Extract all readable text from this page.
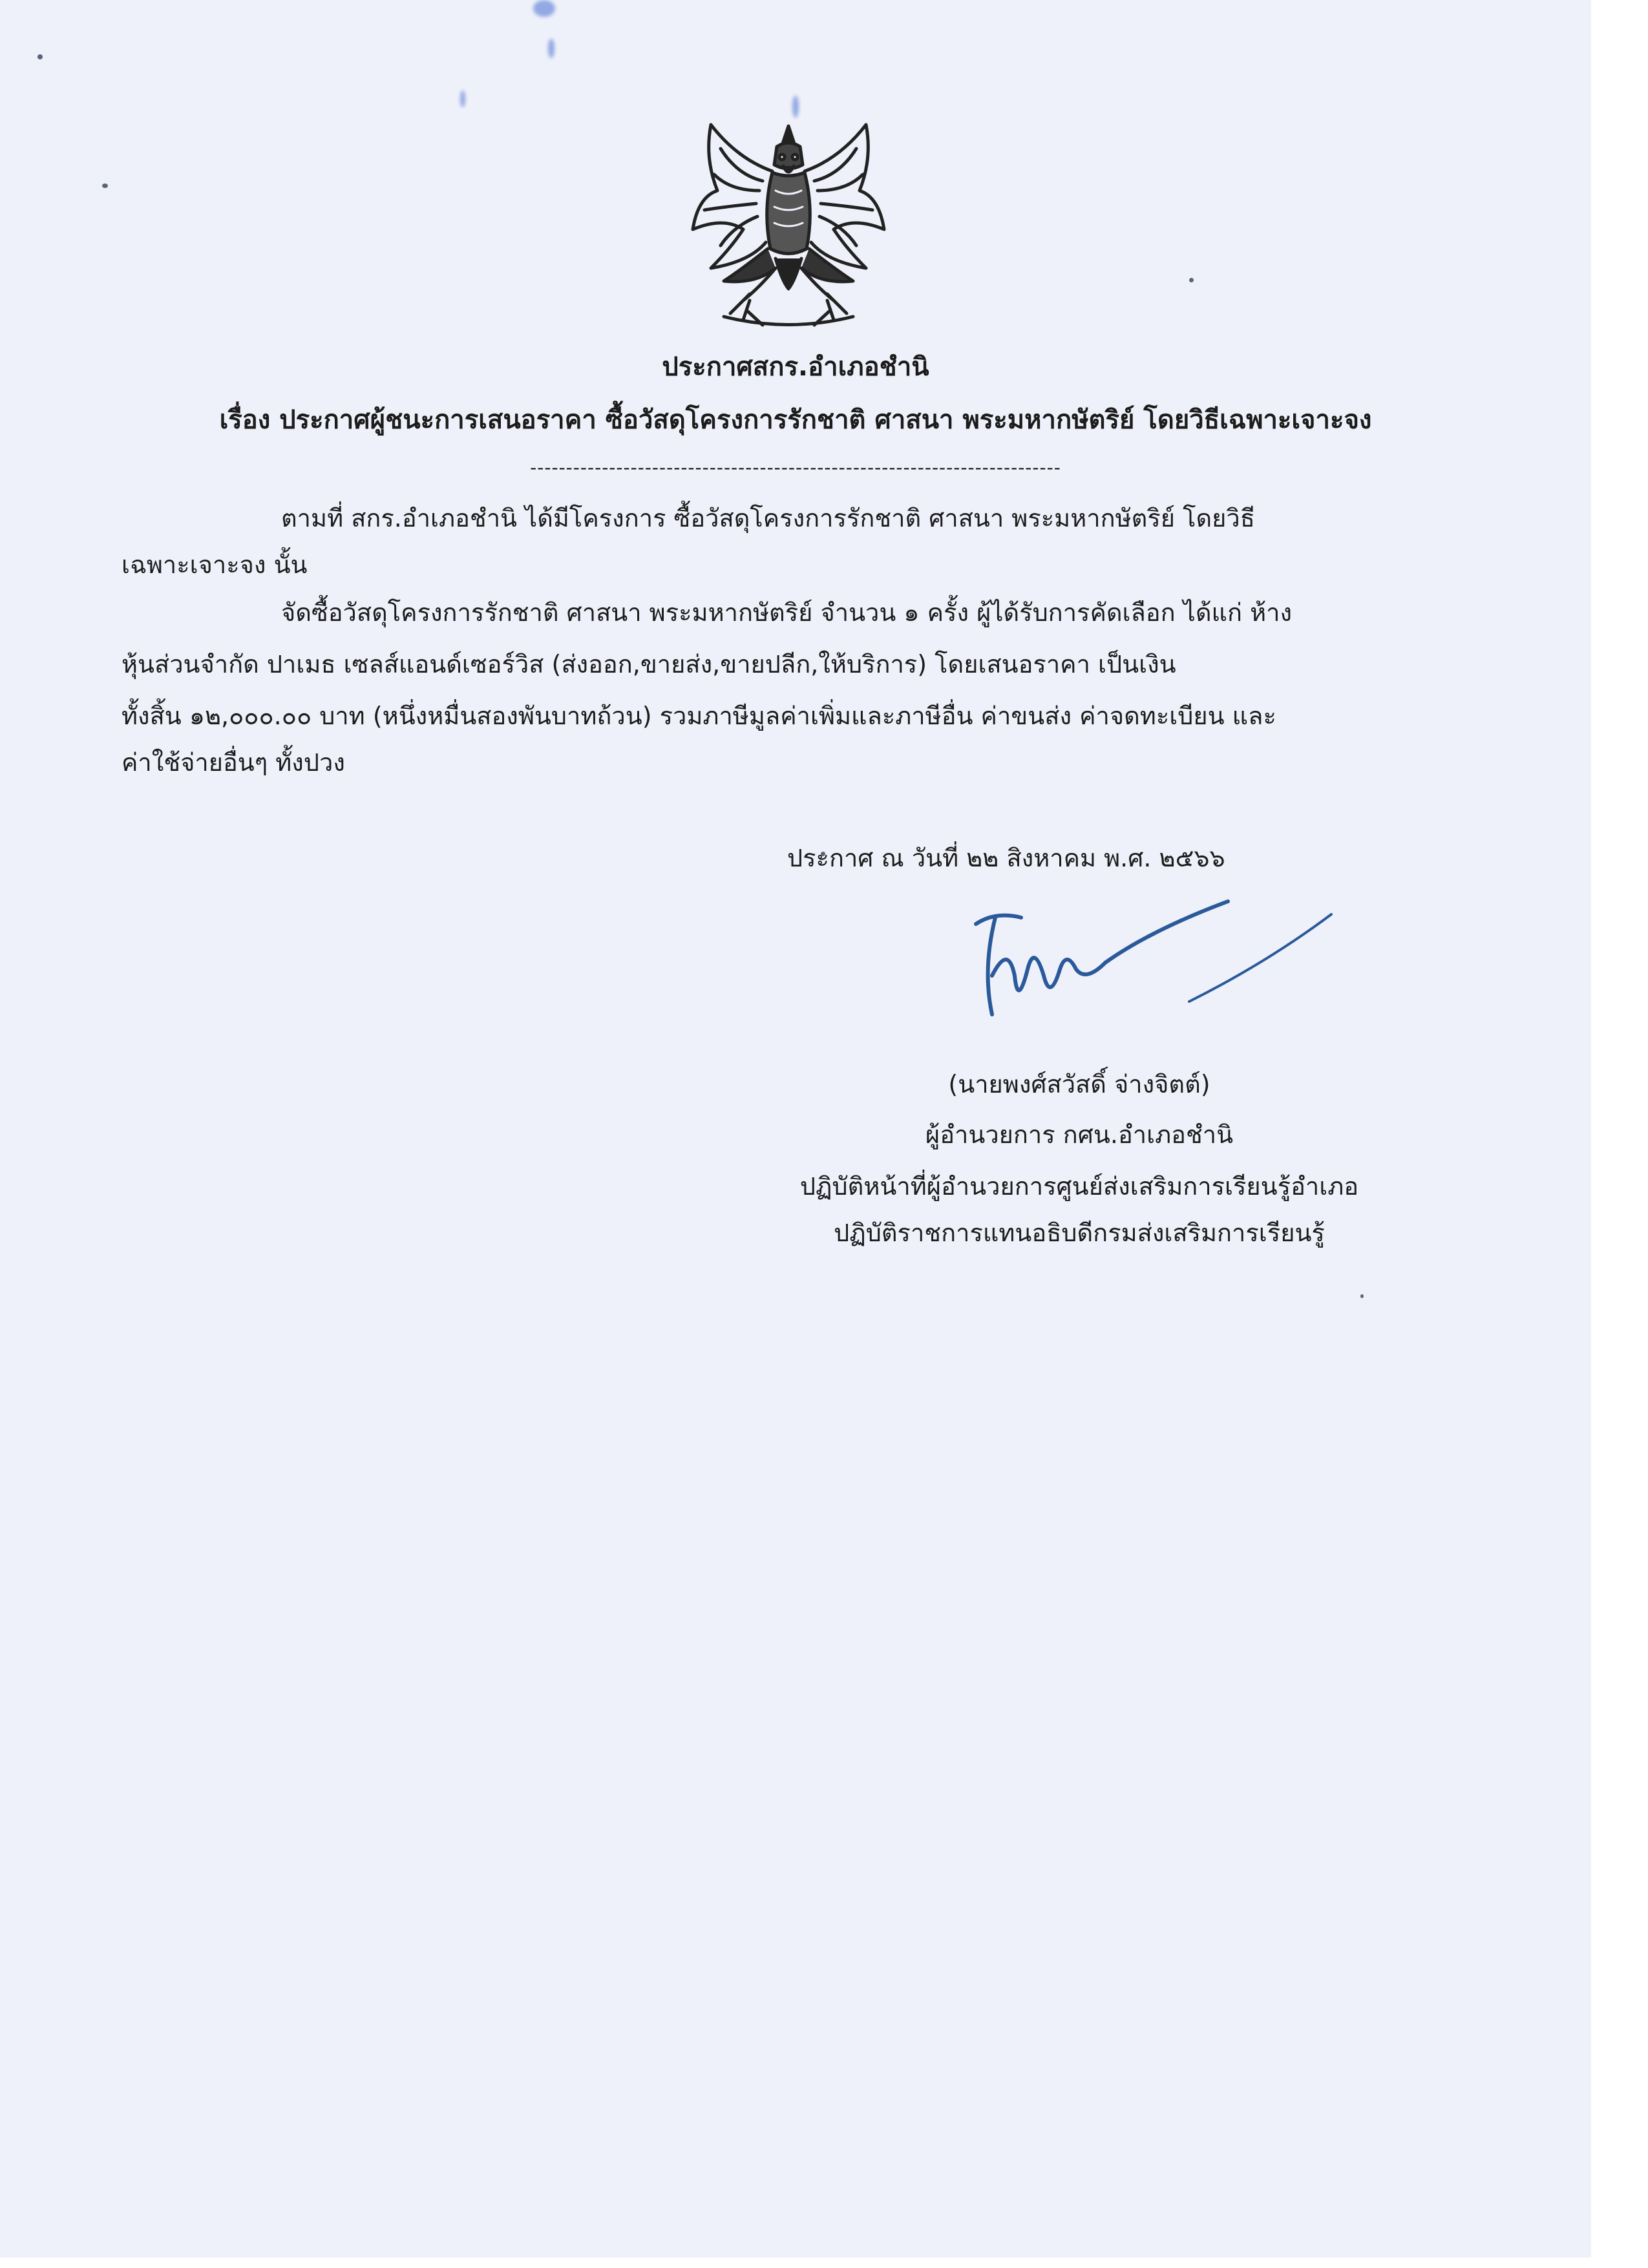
ประกาศสกร.อำเภอชำนิ
เรื่อง ประกาศผู้ชนะการเสนอราคา ซื้อวัสดุโครงการรักชาติ ศาสนา พระมหากษัตริย์ โดยวิธีเฉพาะเจาะจง
--------------------------------------------------------------------------
ตามที่ สกร.อำเภอชำนิ ได้มีโครงการ ซื้อวัสดุโครงการรักชาติ ศาสนา พระมหากษัตริย์ โดยวิธี
เฉพาะเจาะจง นั้น
จัดซื้อวัสดุโครงการรักชาติ ศาสนา พระมหากษัตริย์ จำนวน ๑ ครั้ง ผู้ได้รับการคัดเลือก ได้แก่ ห้าง
หุ้นส่วนจำกัด ปาเมธ เซลส์แอนด์เซอร์วิส (ส่งออก,ขายส่ง,ขายปลีก,ให้บริการ) โดยเสนอราคา เป็นเงิน
ทั้งสิ้น ๑๒,๐๐๐.๐๐ บาท (หนึ่งหมื่นสองพันบาทถ้วน) รวมภาษีมูลค่าเพิ่มและภาษีอื่น ค่าขนส่ง ค่าจดทะเบียน และ
ค่าใช้จ่ายอื่นๆ ทั้งปวง
ประกาศ ณ วันที่ ๒๒ สิงหาคม พ.ศ. ๒๕๖๖
(นายพงศ์สวัสดิ์ จ่างจิตต์)
ผู้อำนวยการ กศน.อำเภอชำนิ
ปฏิบัติหน้าที่ผู้อำนวยการศูนย์ส่งเสริมการเรียนรู้อำเภอ
ปฏิบัติราชการแทนอธิบดีกรมส่งเสริมการเรียนรู้
